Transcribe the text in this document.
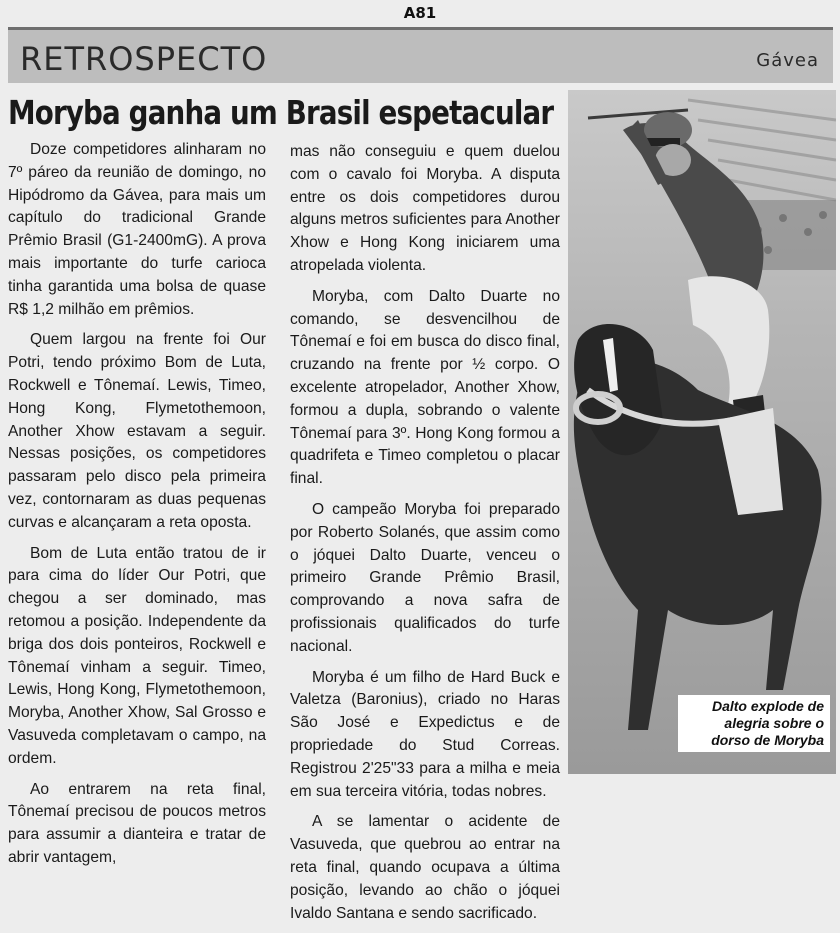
A81
RETROSPECTO	Gávea
Moryba ganha um Brasil espetacular

Doze competidores alinharam no 7º páreo da reunião de domingo, no Hipódromo da Gávea, para mais um capítulo do tradicional Grande Prêmio Brasil (G1-2400mG). A prova mais importante do turfe carioca tinha garantida uma bolsa de quase R$ 1,2 milhão em prêmios.

Quem largou na frente foi Our Potri, tendo próximo Bom de Luta, Rockwell e Tônemaí. Lewis, Timeo, Hong Kong, Flymetothemoon, Another Xhow estavam a seguir. Nessas posições, os competidores passaram pelo disco pela primeira vez, contornaram as duas pequenas curvas e alcançaram a reta oposta.

Bom de Luta então tratou de ir para cima do líder Our Potri, que chegou a ser dominado, mas retomou a posição. Independente da briga dos dois ponteiros, Rockwell e Tônemaí vinham a seguir. Timeo, Lewis, Hong Kong, Flymetothemoon, Moryba, Another Xhow, Sal Grosso e Vasuveda completavam o campo, na ordem.

Ao entrarem na reta final, Tônemaí precisou de poucos metros para assumir a dianteira e tratar de abrir vantagem,

mas não conseguiu e quem duelou com o cavalo foi Moryba. A disputa entre os dois competidores durou alguns metros suficientes para Another Xhow e Hong Kong iniciarem uma atropelada violenta.

Moryba, com Dalto Duarte no comando, se desvencilhou de Tônemaí e foi em busca do disco final, cruzando na frente por ½ corpo. O excelente atropelador, Another Xhow, formou a dupla, sobrando o valente Tônemaí para 3º. Hong Kong formou a quadrifeta e Timeo completou o placar final.

O campeão Moryba foi preparado por Roberto Solanés, que assim como o jóquei Dalto Duarte, venceu o primeiro Grande Prêmio Brasil, comprovando a nova safra de profissionais qualificados do turfe nacional.

Moryba é um filho de Hard Buck e Valetza (Baronius), criado no Haras São José e Expedictus e de propriedade do Stud Correas. Registrou 2'25"33 para a milha e meia em sua terceira vitória, todas nobres.

A se lamentar o acidente de Vasuveda, que quebrou ao entrar na reta final, quando ocupava a última posição, levando ao chão o jóquei Ivaldo Santana e sendo sacrificado.

Dalto explode de alegria sobre o dorso de Moryba
